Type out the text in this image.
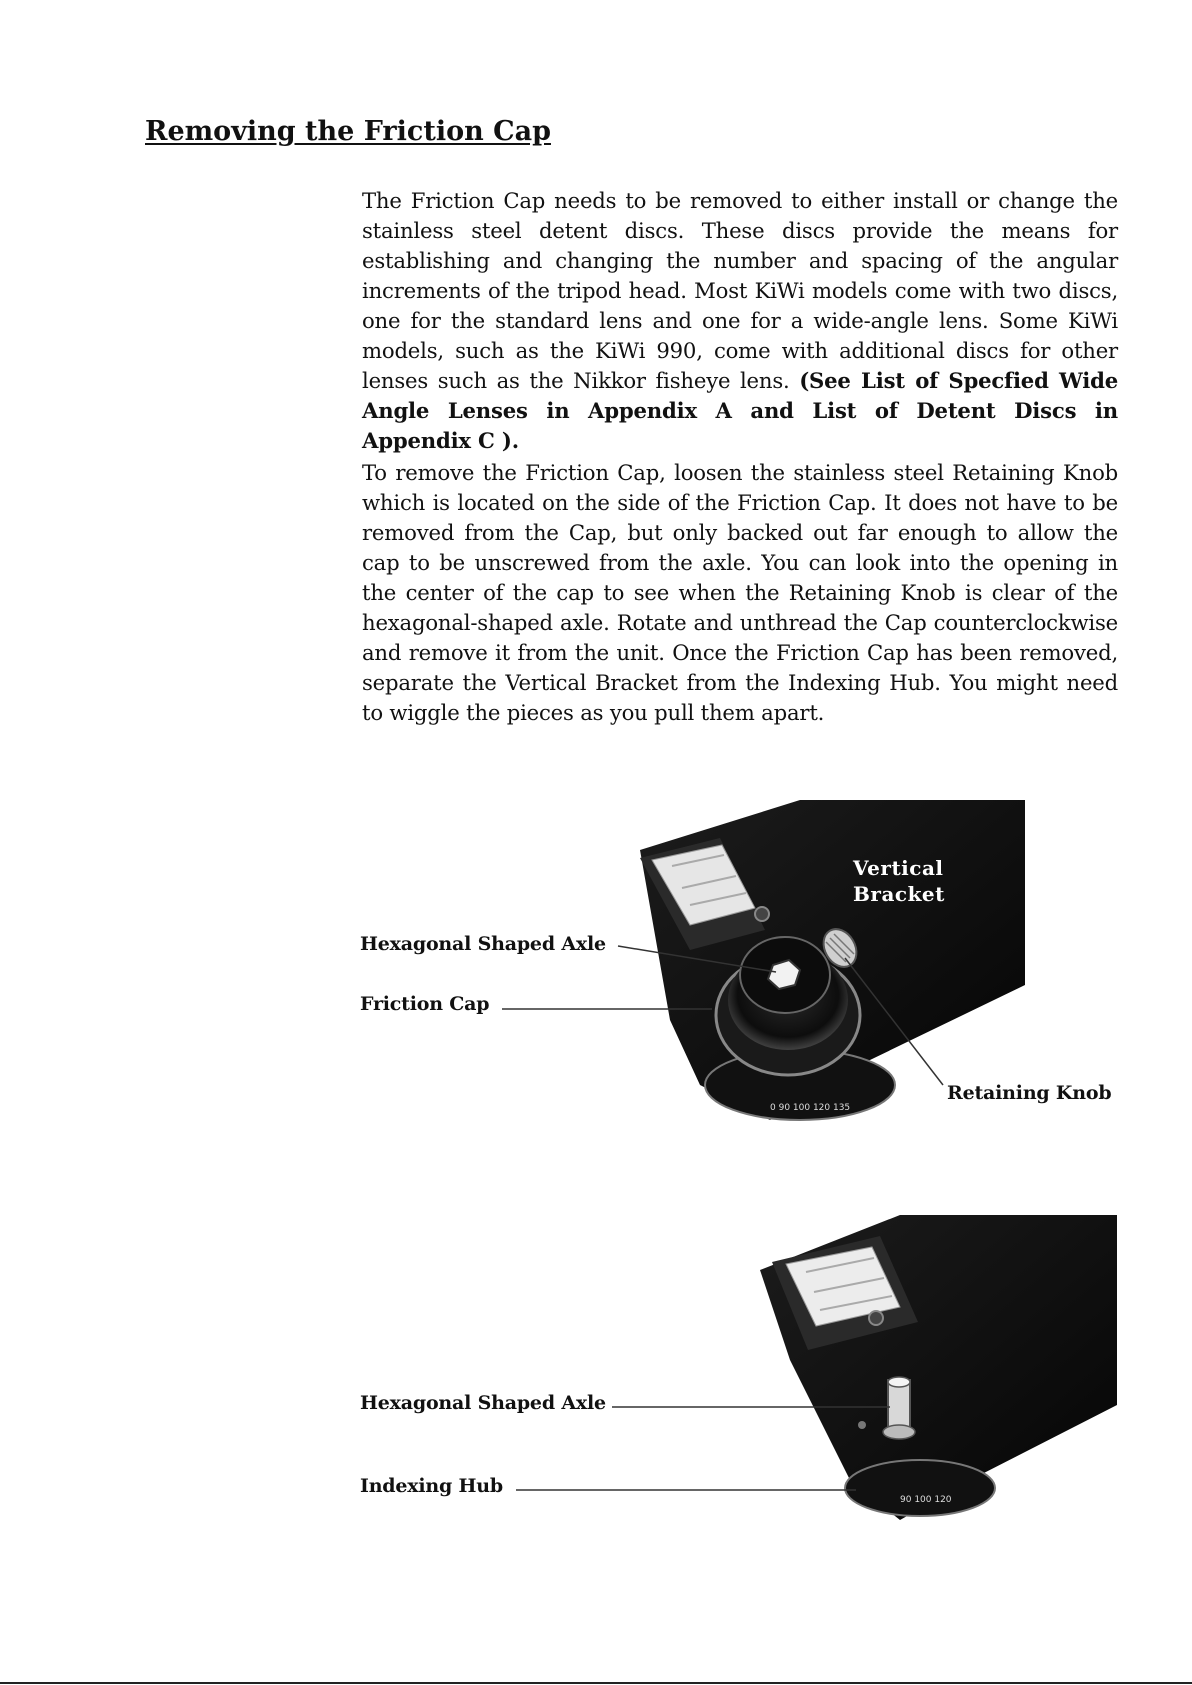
Removing the Friction Cap

The Friction Cap needs to be removed to either install or change the stainless steel detent discs. These discs provide the means for establishing and changing the number and spacing of the angular increments of the tripod head. Most KiWi models come with two discs, one for the standard lens and one for a wide-angle lens. Some KiWi models, such as the KiWi 990, come with additional discs for other lenses such as the Nikkor fisheye lens. (See List of Specfied Wide Angle Lenses in Appendix A and List of Detent Discs in Appendix C ).

To remove the Friction Cap, loosen the stainless steel Retaining Knob which is located on the side of the Friction Cap. It does not have to be removed from the Cap, but only backed out far enough to allow the cap to be unscrewed from the axle. You can look into the opening in the center of the cap to see when the Retaining Knob is clear of the hexagonal-shaped axle. Rotate and unthread the Cap counterclockwise and remove it from the unit. Once the Friction Cap has been removed, separate the Vertical Bracket from the Indexing Hub. You might need to wiggle the pieces as you pull them apart.

0 90 100 120 135
90 100 120
Vertical
Bracket
Hexagonal Shaped Axle
Friction Cap
Retaining Knob
Hexagonal Shaped Axle
Indexing Hub
